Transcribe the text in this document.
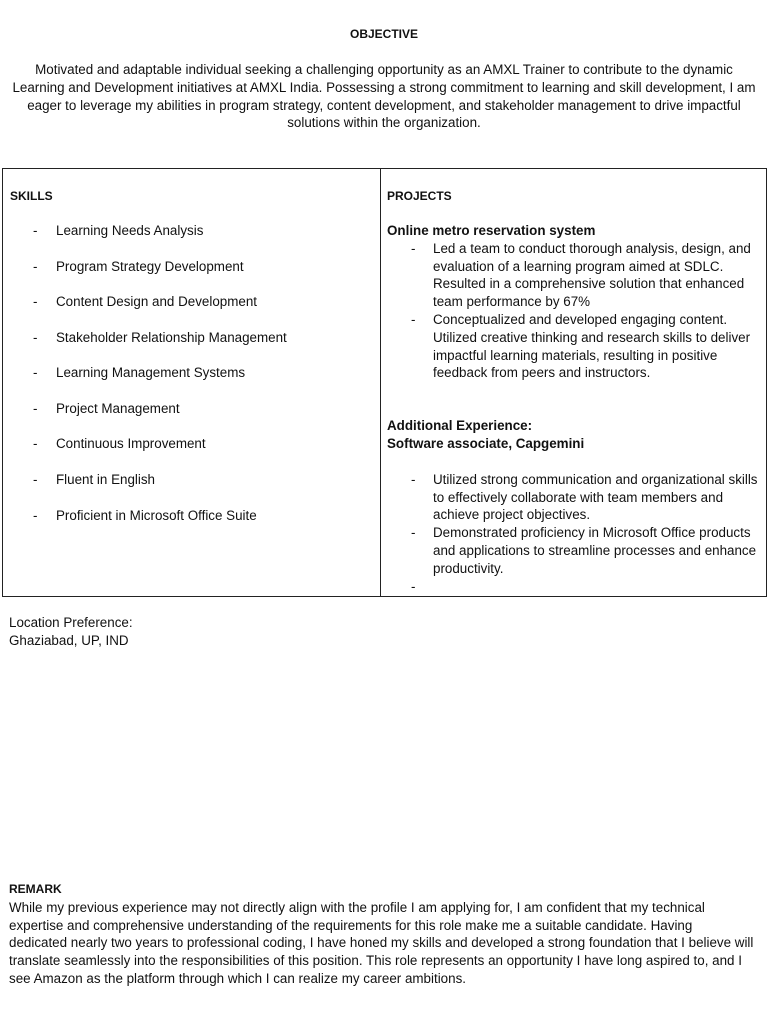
OBJECTIVE
Motivated and adaptable individual seeking a challenging opportunity as an AMXL Trainer to contribute to the dynamic Learning and Development initiatives at AMXL India. Possessing a strong commitment to learning and skill development, I am eager to leverage my abilities in program strategy, content development, and stakeholder management to drive impactful solutions within the organization.
SKILLS
- Learning Needs Analysis
- Program Strategy Development
- Content Design and Development
- Stakeholder Relationship Management
- Learning Management Systems
- Project Management
- Continuous Improvement
- Fluent in English
- Proficient in Microsoft Office Suite
PROJECTS
Online metro reservation system
- Led a team to conduct thorough analysis, design, and evaluation of a learning program aimed at SDLC. Resulted in a comprehensive solution that enhanced team performance by 67%
- Conceptualized and developed engaging content. Utilized creative thinking and research skills to deliver impactful learning materials, resulting in positive feedback from peers and instructors.
Additional Experience:
Software associate, Capgemini
- Utilized strong communication and organizational skills to effectively collaborate with team members and achieve project objectives.
- Demonstrated proficiency in Microsoft Office products and applications to streamline processes and enhance productivity.
-
Location Preference:
Ghaziabad, UP, IND
REMARK
While my previous experience may not directly align with the profile I am applying for, I am confident that my technical expertise and comprehensive understanding of the requirements for this role make me a suitable candidate. Having dedicated nearly two years to professional coding, I have honed my skills and developed a strong foundation that I believe will translate seamlessly into the responsibilities of this position. This role represents an opportunity I have long aspired to, and I see Amazon as the platform through which I can realize my career ambitions.
